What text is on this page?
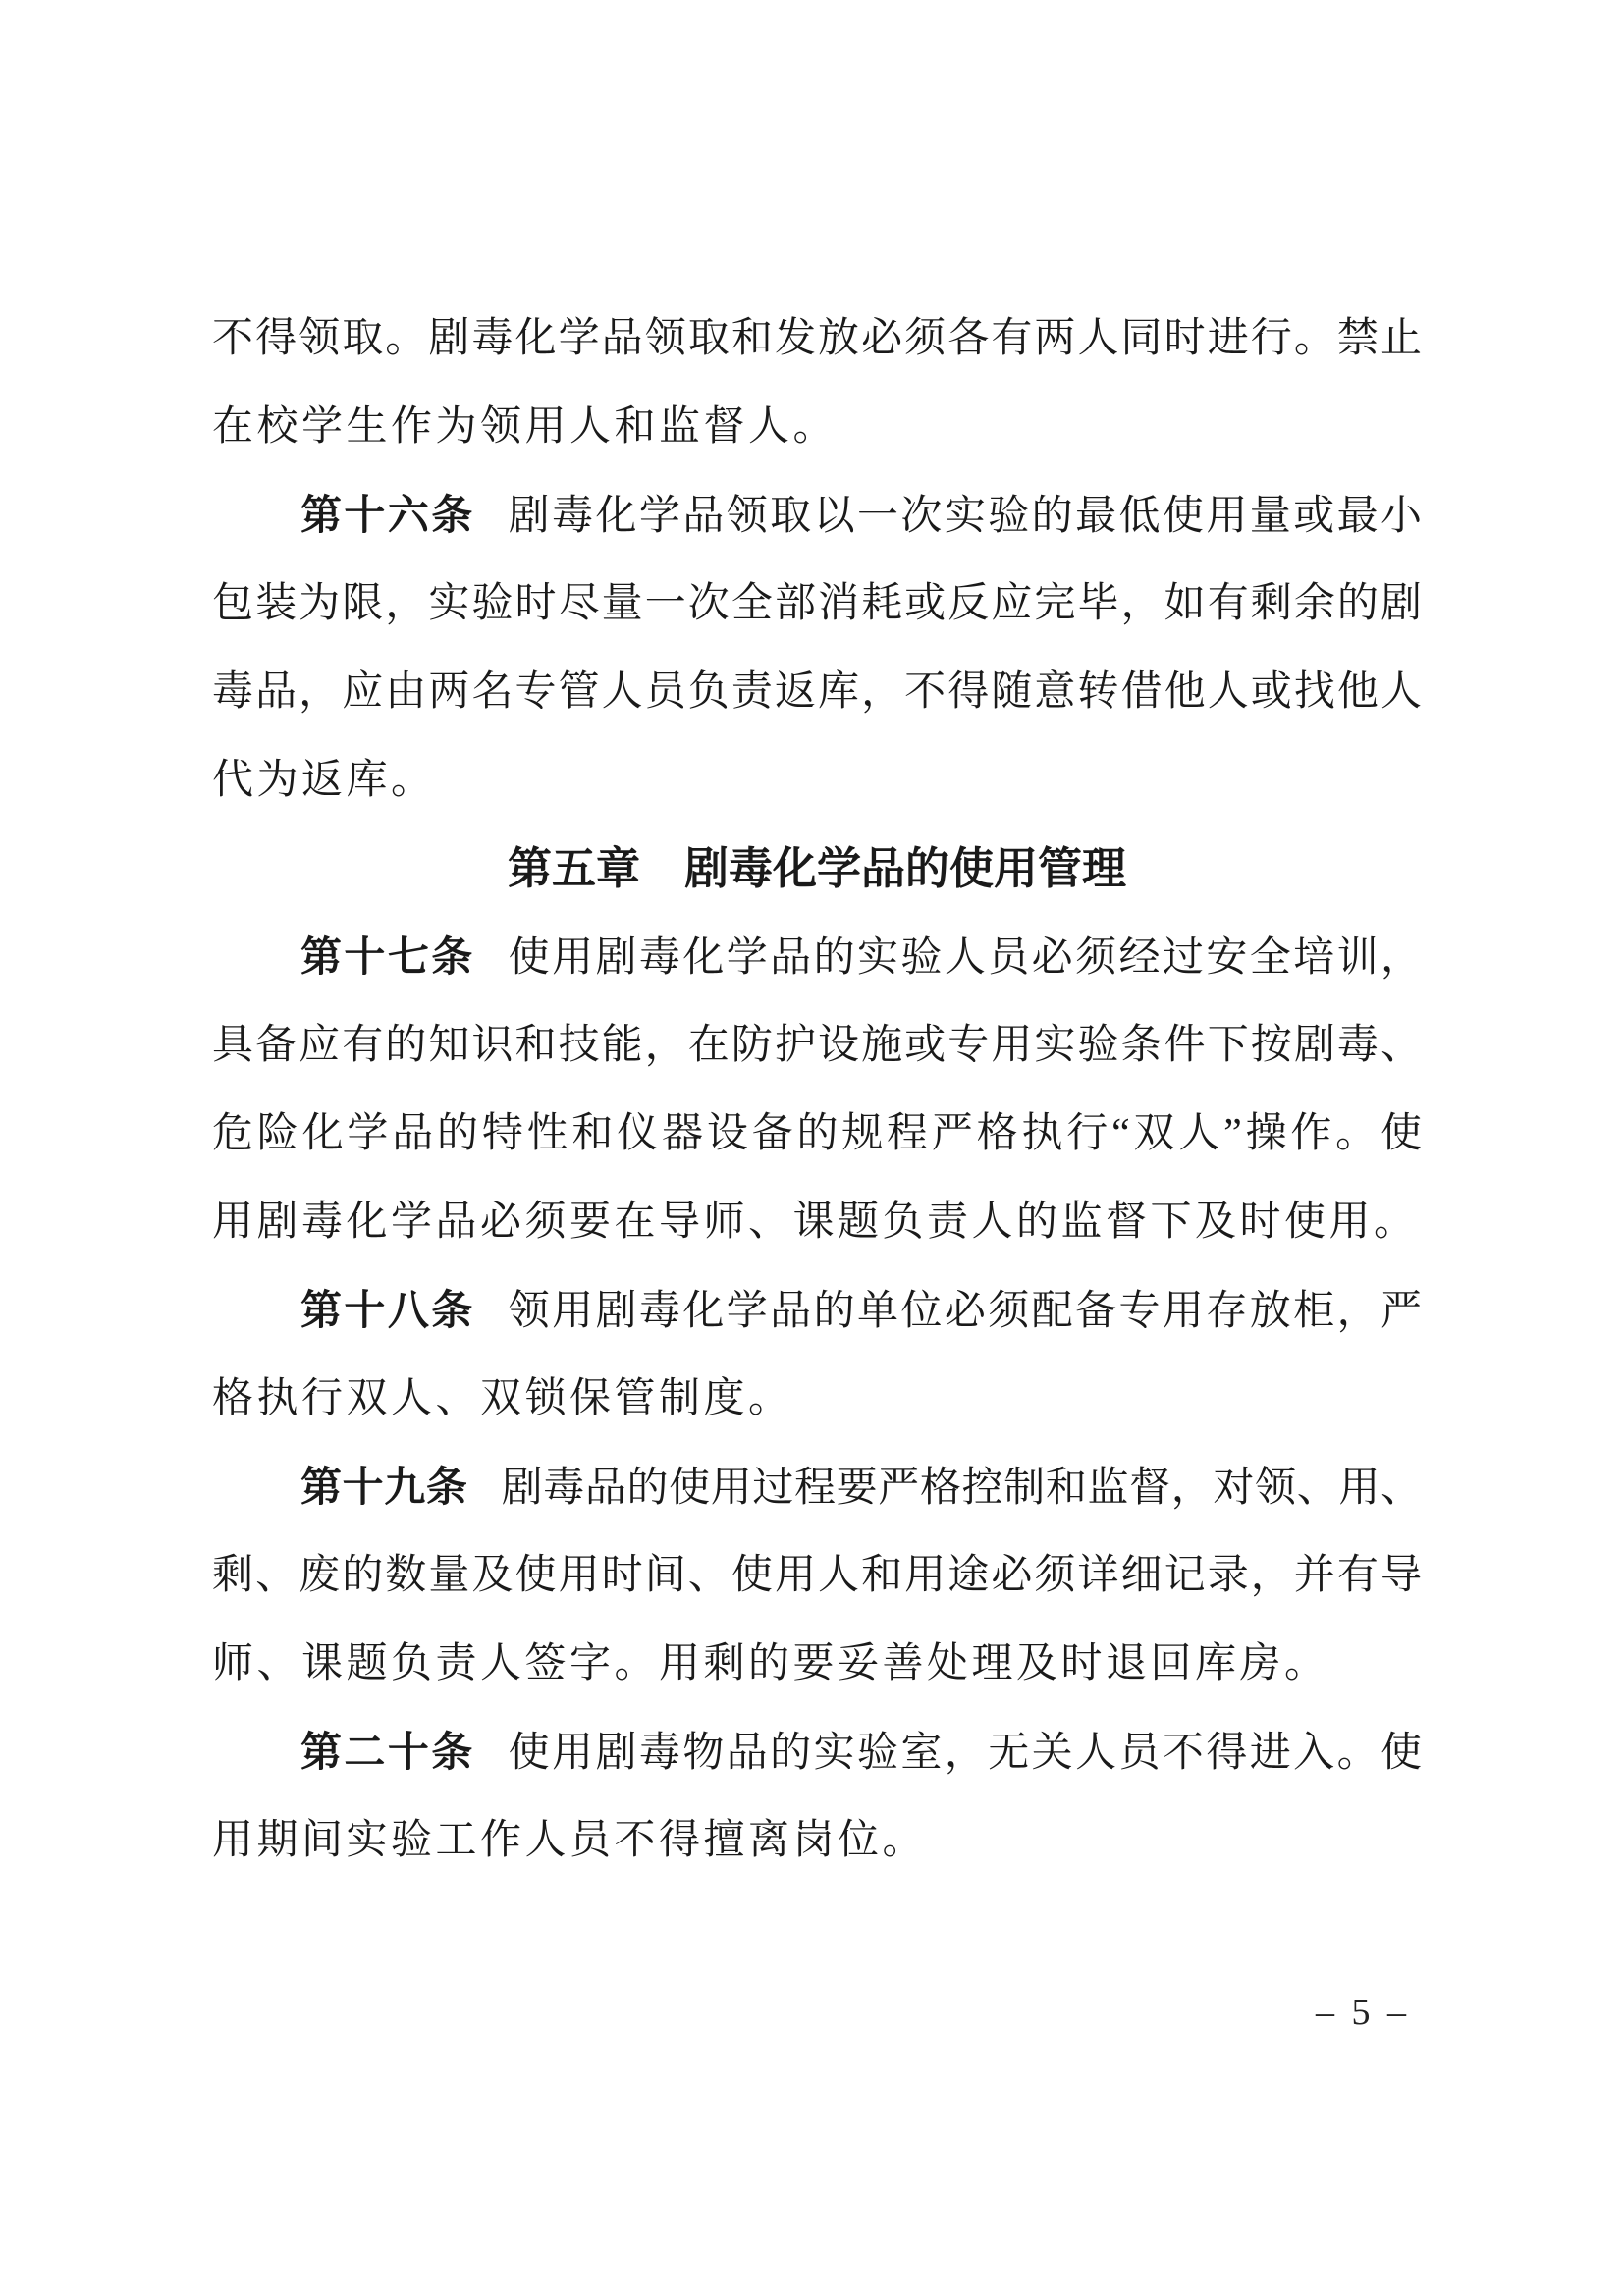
不得领取。剧毒化学品领取和发放必须各有两人同时进行。禁止
在校学生作为领用人和监督人。
第十六条 剧毒化学品领取以一次实验的最低使用量或最小
包装为限，实验时尽量一次全部消耗或反应完毕，如有剩余的剧
毒品，应由两名专管人员负责返库，不得随意转借他人或找他人
代为返库。
第五章 剧毒化学品的使用管理
第十七条 使用剧毒化学品的实验人员必须经过安全培训，
具备应有的知识和技能，在防护设施或专用实验条件下按剧毒、
危险化学品的特性和仪器设备的规程严格执行“双人”操作。使
用剧毒化学品必须要在导师、课题负责人的监督下及时使用。
第十八条 领用剧毒化学品的单位必须配备专用存放柜，严
格执行双人、双锁保管制度。
第十九条 剧毒品的使用过程要严格控制和监督，对领、用、
剩、废的数量及使用时间、使用人和用途必须详细记录，并有导
师、课题负责人签字。用剩的要妥善处理及时退回库房。
第二十条 使用剧毒物品的实验室，无关人员不得进入。使
用期间实验工作人员不得擅离岗位。
– 5 –
